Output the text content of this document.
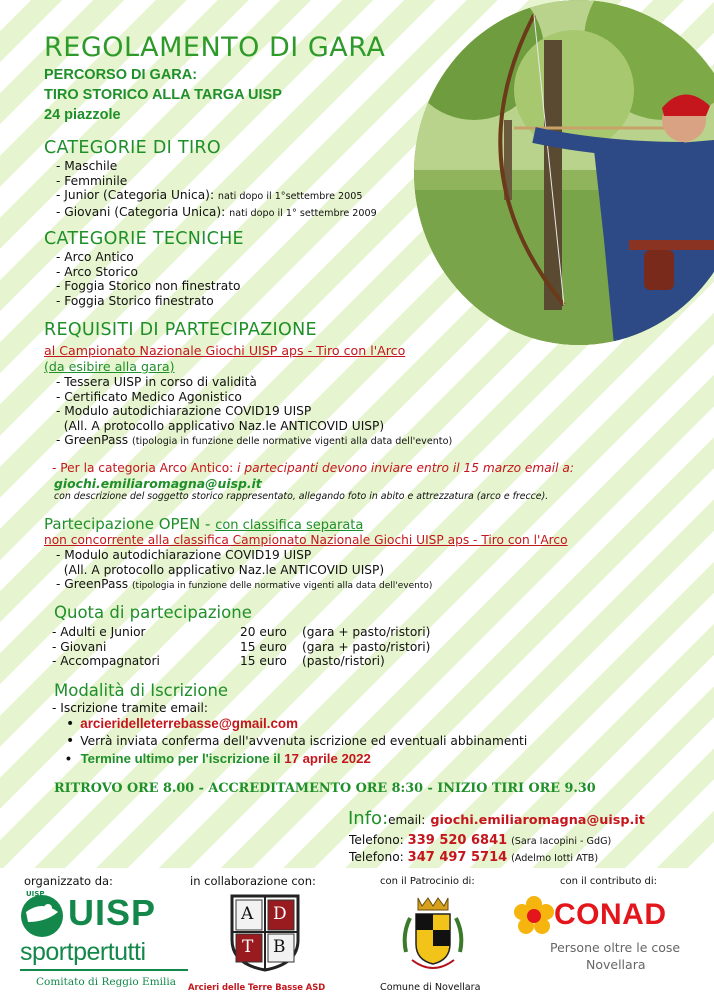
REGOLAMENTO DI GARA
PERCORSO DI GARA:
TIRO STORICO ALLA TARGA UISP
24 piazzole
CATEGORIE DI TIRO
- Maschile
- Femminile
- Junior (Categoria Unica): nati dopo il 1°settembre 2005
- Giovani (Categoria Unica): nati dopo il 1° settembre 2009
CATEGORIE TECNICHE
- Arco Antico
- Arco Storico
- Foggia Storico non finestrato
- Foggia Storico finestrato
REQUISITI DI PARTECIPAZIONE
al Campionato Nazionale Giochi UISP aps - Tiro con l'Arco
(da esibire alla gara)
- Tessera UISP in corso di validità
- Certificato Medico Agonistico
- Modulo autodichiarazione COVID19 UISP
(All. A protocollo applicativo Naz.le ANTICOVID UISP)
- GreenPass (tipologia in funzione delle normative vigenti alla data dell'evento)
- Per la categoria Arco Antico: i partecipanti devono inviare entro il 15 marzo email a:
giochi.emiliaromagna@uisp.it
con descrizione del soggetto storico rappresentato, allegando foto in abito e attrezzatura (arco e frecce).
Partecipazione OPEN - con classifica separata
non concorrente alla classifica Campionato Nazionale Giochi UISP aps - Tiro con l'Arco
- Modulo autodichiarazione COVID19 UISP
(All. A protocollo applicativo Naz.le ANTICOVID UISP)
- GreenPass (tipologia in funzione delle normative vigenti alla data dell'evento)
Quota di partecipazione
- Adulti e Junior	20 euro	(gara + pasto/ristori)
- Giovani	15 euro	(gara + pasto/ristori)
- Accompagnatori	15 euro	(pasto/ristori)
Modalità di Iscrizione
- Iscrizione tramite email:
• arcieridelleterrebasse@gmail.com
• Verrà inviata conferma dell'avvenuta iscrizione ed eventuali abbinamenti
• Termine ultimo per l'iscrizione il 17 aprile 2022
RITROVO ORE 8.00 - ACCREDITAMENTO ORE 8:30 - INIZIO TIRI ORE 9.30
Info:email: giochi.emiliaromagna@uisp.it
Telefono: 339 520 6841 (Sara Iacopini - GdG)
Telefono: 347 497 5714 (Adelmo Iotti ATB)
organizzato da:	in collaborazione con:	con il Patrocinio di:	con il contributo di:
UISP UISP
sportpertutti
Comitato di Reggio Emilia
A D
T B
Arcieri delle Terre Basse ASD	Comune di Novellara
CONAD
Persone oltre le cose
Novellara
